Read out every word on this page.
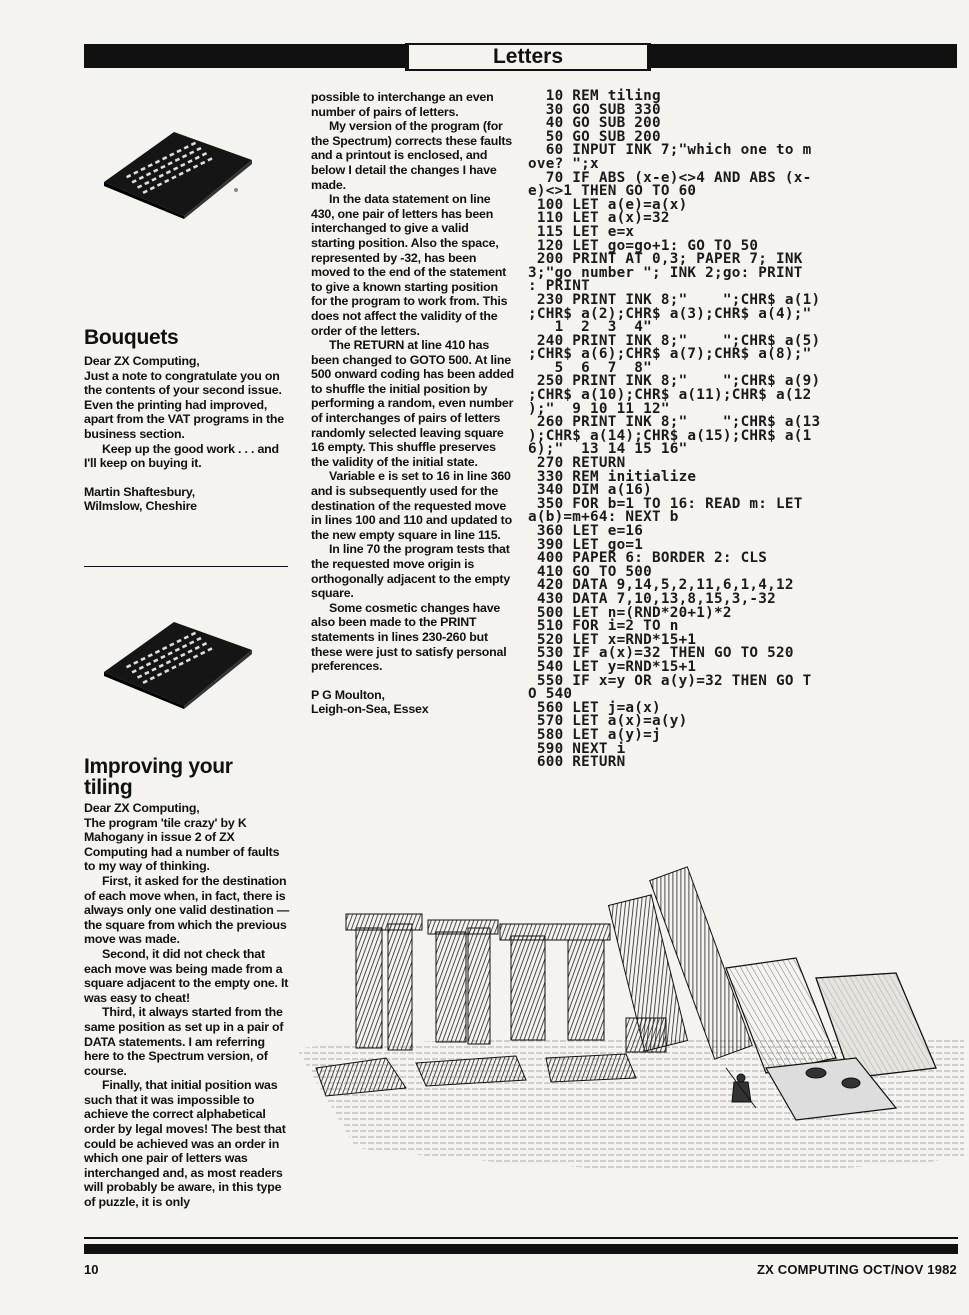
Letters
Bouquets

Dear ZX Computing,

Just a note to congratulate you on the contents of your second issue. Even the printing had improved, apart from the VAT programs in the business section.

Keep up the good work . . . and I'll keep on buying it.

Martin Shaftesbury,

Wilmslow, Cheshire

Improving your
tiling

Dear ZX Computing,

The program 'tile crazy' by K Mahogany in issue 2 of ZX Computing had a number of faults to my way of thinking.

First, it asked for the destination of each move when, in fact, there is always only one valid destination — the square from which the previous move was made.

Second, it did not check that each move was being made from a square adjacent to the empty one. It was easy to cheat!

Third, it always started from the same position as set up in a pair of DATA statements. I am referring here to the Spectrum version, of course.

Finally, that initial position was such that it was impossible to achieve the correct alphabetical order by legal moves! The best that could be achieved was an order in which one pair of letters was interchanged and, as most readers will probably be aware, in this type of puzzle, it is only

possible to interchange an even number of pairs of letters.

My version of the program (for the Spectrum) corrects these faults and a printout is enclosed, and below I detail the changes I have made.

In the data statement on line 430, one pair of letters has been interchanged to give a valid starting position. Also the space, represented by -32, has been moved to the end of the statement to give a known starting position for the program to work from. This does not affect the validity of the order of the letters.

The RETURN at line 410 has been changed to GOTO 500. At line 500 onward coding has been added to shuffle the initial position by performing a random, even number of interchanges of pairs of letters randomly selected leaving square 16 empty. This shuffle preserves the validity of the initial state.

Variable e is set to 16 in line 360 and is subsequently used for the destination of the requested move in lines 100 and 110 and updated to the new empty square in line 115.

In line 70 the program tests that the requested move origin is orthogonally adjacent to the empty square.

Some cosmetic changes have also been made to the PRINT statements in lines 230-260 but these were just to satisfy personal preferences.

P G Moulton,

Leigh-on-Sea, Essex

10 REM tiling
30 GO SUB 330
40 GO SUB 200
50 GO SUB 200
60 INPUT INK 7;"which one to m
ove? ";x
70 IF ABS (x-e)<>4 AND ABS (x-
e)<>1 THEN GO TO 60
100 LET a(e)=a(x)
110 LET a(x)=32
115 LET e=x
120 LET go=go+1: GO TO 50
200 PRINT AT 0,3; PAPER 7; INK
3;"go number "; INK 2;go: PRINT
: PRINT
230 PRINT INK 8;"    ";CHR$ a(1)
;CHR$ a(2);CHR$ a(3);CHR$ a(4);"
1  2  3  4"
240 PRINT INK 8;"    ";CHR$ a(5)
;CHR$ a(6);CHR$ a(7);CHR$ a(8);"
5  6  7  8"
250 PRINT INK 8;"    ";CHR$ a(9)
;CHR$ a(10);CHR$ a(11);CHR$ a(12
);"  9 10 11 12"
260 PRINT INK 8;"    ";CHR$ a(13
);CHR$ a(14);CHR$ a(15);CHR$ a(1
6);"  13 14 15 16"
270 RETURN
330 REM initialize
340 DIM a(16)
350 FOR b=1 TO 16: READ m: LET
a(b)=m+64: NEXT b
360 LET e=16
390 LET go=1
400 PAPER 6: BORDER 2: CLS
410 GO TO 500
420 DATA 9,14,5,2,11,6,1,4,12
430 DATA 7,10,13,8,15,3,-32
500 LET n=(RND*20+1)*2
510 FOR i=2 TO n
520 LET x=RND*15+1
530 IF a(x)=32 THEN GO TO 520
540 LET y=RND*15+1
550 IF x=y OR a(y)=32 THEN GO T
O 540
560 LET j=a(x)
570 LET a(x)=a(y)
580 LET a(y)=j
590 NEXT i
600 RETURN
10	ZX COMPUTING OCT/NOV 1982
